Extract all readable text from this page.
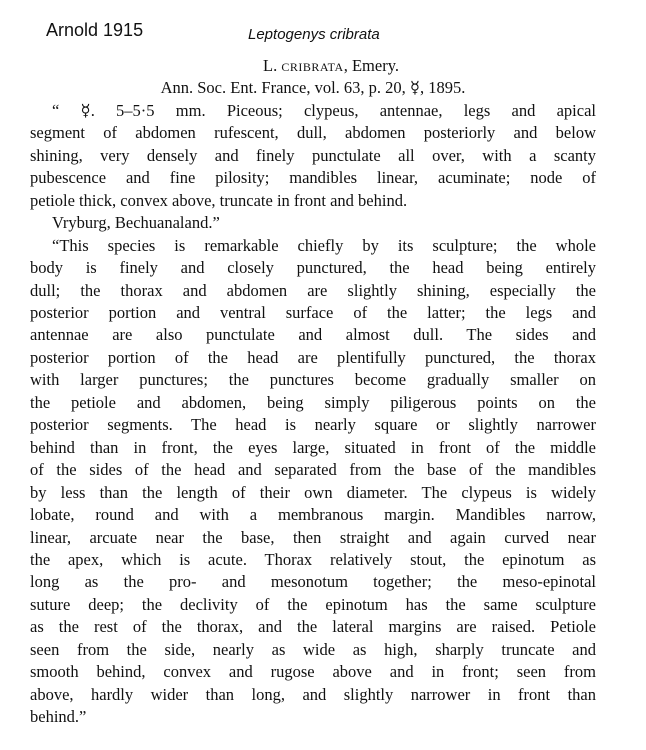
Arnold 1915	Leptogenys cribrata
L. cribrata, Emery.
Ann. Soc. Ent. France, vol. 63, p. 20, ☿, 1895.
“ ☿. 5–5·5 mm. Piceous; clypeus, antennae, legs and apical
segment of abdomen rufescent, dull, abdomen posteriorly and below
shining, very densely and finely punctulate all over, with a scanty
pubescence and fine pilosity; mandibles linear, acuminate; node of
petiole thick, convex above, truncate in front and behind.
Vryburg, Bechuanaland.”
“This species is remarkable chiefly by its sculpture; the whole
body is finely and closely punctured, the head being entirely
dull; the thorax and abdomen are slightly shining, especially the
posterior portion and ventral surface of the latter; the legs and
antennae are also punctulate and almost dull. The sides and
posterior portion of the head are plentifully punctured, the thorax
with larger punctures; the punctures become gradually smaller on
the petiole and abdomen, being simply piligerous points on the
posterior segments. The head is nearly square or slightly narrower
behind than in front, the eyes large, situated in front of the middle
of the sides of the head and separated from the base of the mandibles
by less than the length of their own diameter. The clypeus is widely
lobate, round and with a membranous margin. Mandibles narrow,
linear, arcuate near the base, then straight and again curved near
the apex, which is acute. Thorax relatively stout, the epinotum as
long as the pro- and mesonotum together; the meso-epinotal
suture deep; the declivity of the epinotum has the same sculpture
as the rest of the thorax, and the lateral margins are raised. Petiole
seen from the side, nearly as wide as high, sharply truncate and
smooth behind, convex and rugose above and in front; seen from
above, hardly wider than long, and slightly narrower in front than
behind.”
